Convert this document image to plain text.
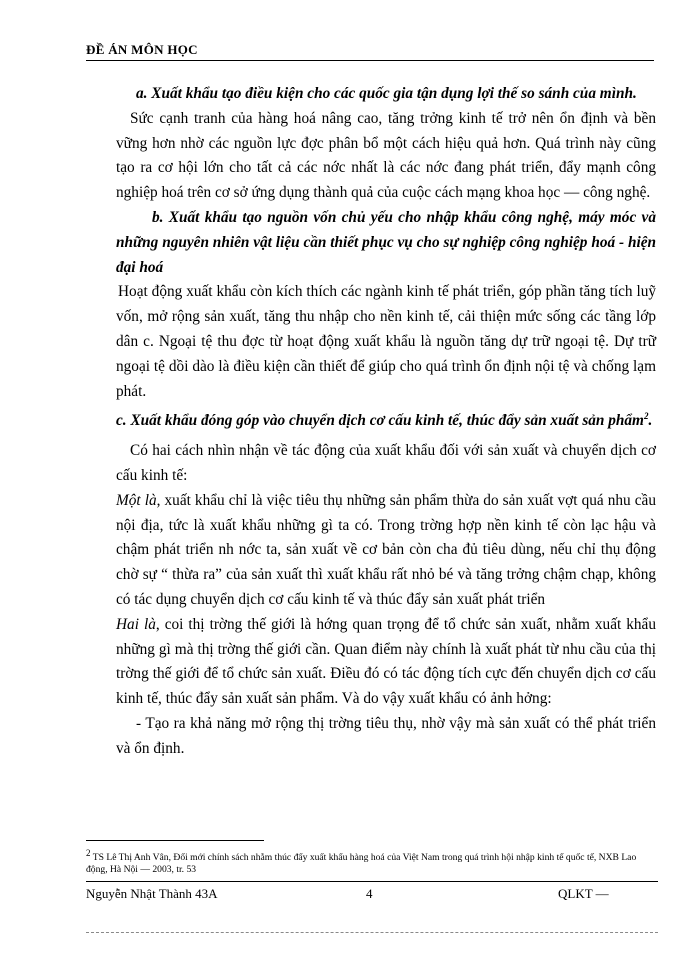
ĐỀ ÁN MÔN HỌC

a. Xuất khẩu tạo điều kiện cho các quốc gia tận dụng lợi thế so sánh của mình.

Sức cạnh tranh của hàng hoá nâng cao, tăng trởng kinh tế trở nên ổn định và bền vững hơn nhờ các nguồn lực đợc phân bổ một cách hiệu quả hơn. Quá trình này cũng tạo ra cơ hội lớn cho tất cả các nớc nhất là các nớc đang phát triển, đẩy mạnh công nghiệp hoá trên cơ sở ứng dụng thành quả của cuộc cách mạng khoa học — công nghệ.

b. Xuất khẩu tạo nguồn vốn chủ yếu cho nhập khẩu công nghệ, máy móc và những nguyên nhiên vật liệu cần thiết phục vụ cho sự nghiệp công nghiệp hoá - hiện đại hoá

Hoạt động xuất khẩu còn kích thích các ngành kinh tế phát triển, góp phần tăng tích luỹ vốn, mở rộng sản xuất, tăng thu nhập cho nền kinh tế, cải thiện mức sống các tầng lớp dân c. Ngoại tệ thu đợc từ hoạt động xuất khẩu là nguồn tăng dự trữ ngoại tệ. Dự trữ ngoại tệ dồi dào là điều kiện cần thiết để giúp cho quá trình ổn định nội tệ và chống lạm phát.

c. Xuất khẩu đóng góp vào chuyển dịch cơ cấu kinh tế, thúc đẩy sản xuất sản phẩm$^2$.

Có hai cách nhìn nhận về tác động của xuất khẩu đối với sản xuất và chuyển dịch cơ cấu kinh tế:

Một là, xuất khẩu chỉ là việc tiêu thụ những sản phẩm thừa do sản xuất vợt quá nhu cầu nội địa, tức là xuất khẩu những gì ta có. Trong trờng hợp nền kinh tế còn lạc hậu và chậm phát triển nh nớc ta, sản xuất về cơ bản còn cha đủ tiêu dùng, nếu chỉ thụ động chờ sự “ thừa ra” của sản xuất thì xuất khẩu rất nhỏ bé và tăng trởng chậm chạp, không có tác dụng chuyển dịch cơ cấu kinh tế và thúc đẩy sản xuất phát triển

Hai là, coi thị trờng thế giới là hớng quan trọng để tổ chức sản xuất, nhằm xuất khẩu những gì mà thị trờng thế giới cần. Quan điểm này chính là xuất phát từ nhu cầu của thị trờng thế giới để tổ chức sản xuất. Điều đó có tác động tích cực đến chuyển dịch cơ cấu kinh tế, thúc đẩy sản xuất sản phẩm. Và do vậy xuất khẩu có ảnh hởng:

- Tạo ra khả năng mở rộng thị trờng tiêu thụ, nhờ vậy mà sản xuất có thể phát triển và ổn định.

$^2$ TS Lê Thị Anh Vân, Đổi mới chính sách nhằm thúc đẩy xuất khẩu hàng hoá của Việt Nam trong quá trình hội nhập kinh tế quốc tế, NXB Lao động, Hà Nội — 2003, tr. 53
Nguyễn Nhật Thành 43A	4	QLKT —
